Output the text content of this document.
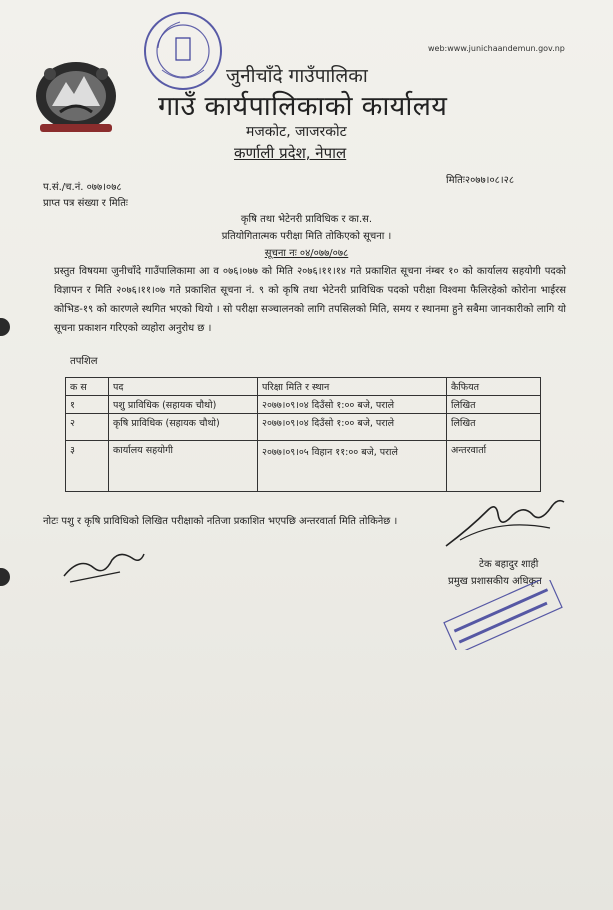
web:www.junichaandemun.gov.np
जुनीचाँदे गाउँपालिका
गाउँ कार्यपालिकाको कार्यालय
मजकोट, जाजरकोट
कर्णाली प्रदेश, नेपाल
प.सं./च.नं. ०७७।०७८
प्राप्त पत्र संख्या र मितिः
मितिः२०७७।०८।२८
कृषि तथा भेटेनरी प्राविधिक र का.स.
प्रतियोगितात्मक परीक्षा मिति तोकिएको सूचना ।
सूचना नः ०४/०७७/०७८
प्रस्तुत विषयमा जुनीचाँदे गाउँपालिकामा आ व ०७६।०७७ को मिति २०७६।११।१४ गते प्रकाशित सूचना नंम्बर १० को कार्यालय सहयोगी पदको विज्ञापन र मिति २०७६।११।०७ गते प्रकाशित सूचना नं. ९ को कृषि तथा भेटेनरी प्राविधिक पदको परीक्षा विश्वमा फैलिरहेको कोरोना भाईरस कोभिड-१९ को कारणले स्थगित भएको थियो । सो परीक्षा सञ्चालनको लागि तपसिलको मिति, समय र स्थानमा हुने सबैमा जानकारीको लागि यो सूचना प्रकाशन गरिएको व्यहोरा अनुरोध छ ।
तपशिल
क स	पद	परिक्षा मिति र स्थान	कैफियत
१	पशु प्राविधिक (सहायक चौथो)	२०७७।०९।०४ दिउँसो १:०० बजे, पराले	लिखित
२	कृषि प्राविधिक (सहायक चौथो)	२०७७।०९।०४ दिउँसो १:०० बजे, पराले	लिखित
३	कार्यालय सहयोगी	२०७७।०९।०५ विहान ११:०० बजे, पराले	अन्तरवार्ता
नोटः पशु र कृषि प्राविधिको लिखित परीक्षाको नतिजा प्रकाशित भएपछि अन्तरवार्ता मिति तोकिनेछ ।
टेक बहादुर शाही
प्रमुख प्रशासकीय अधिकृत
